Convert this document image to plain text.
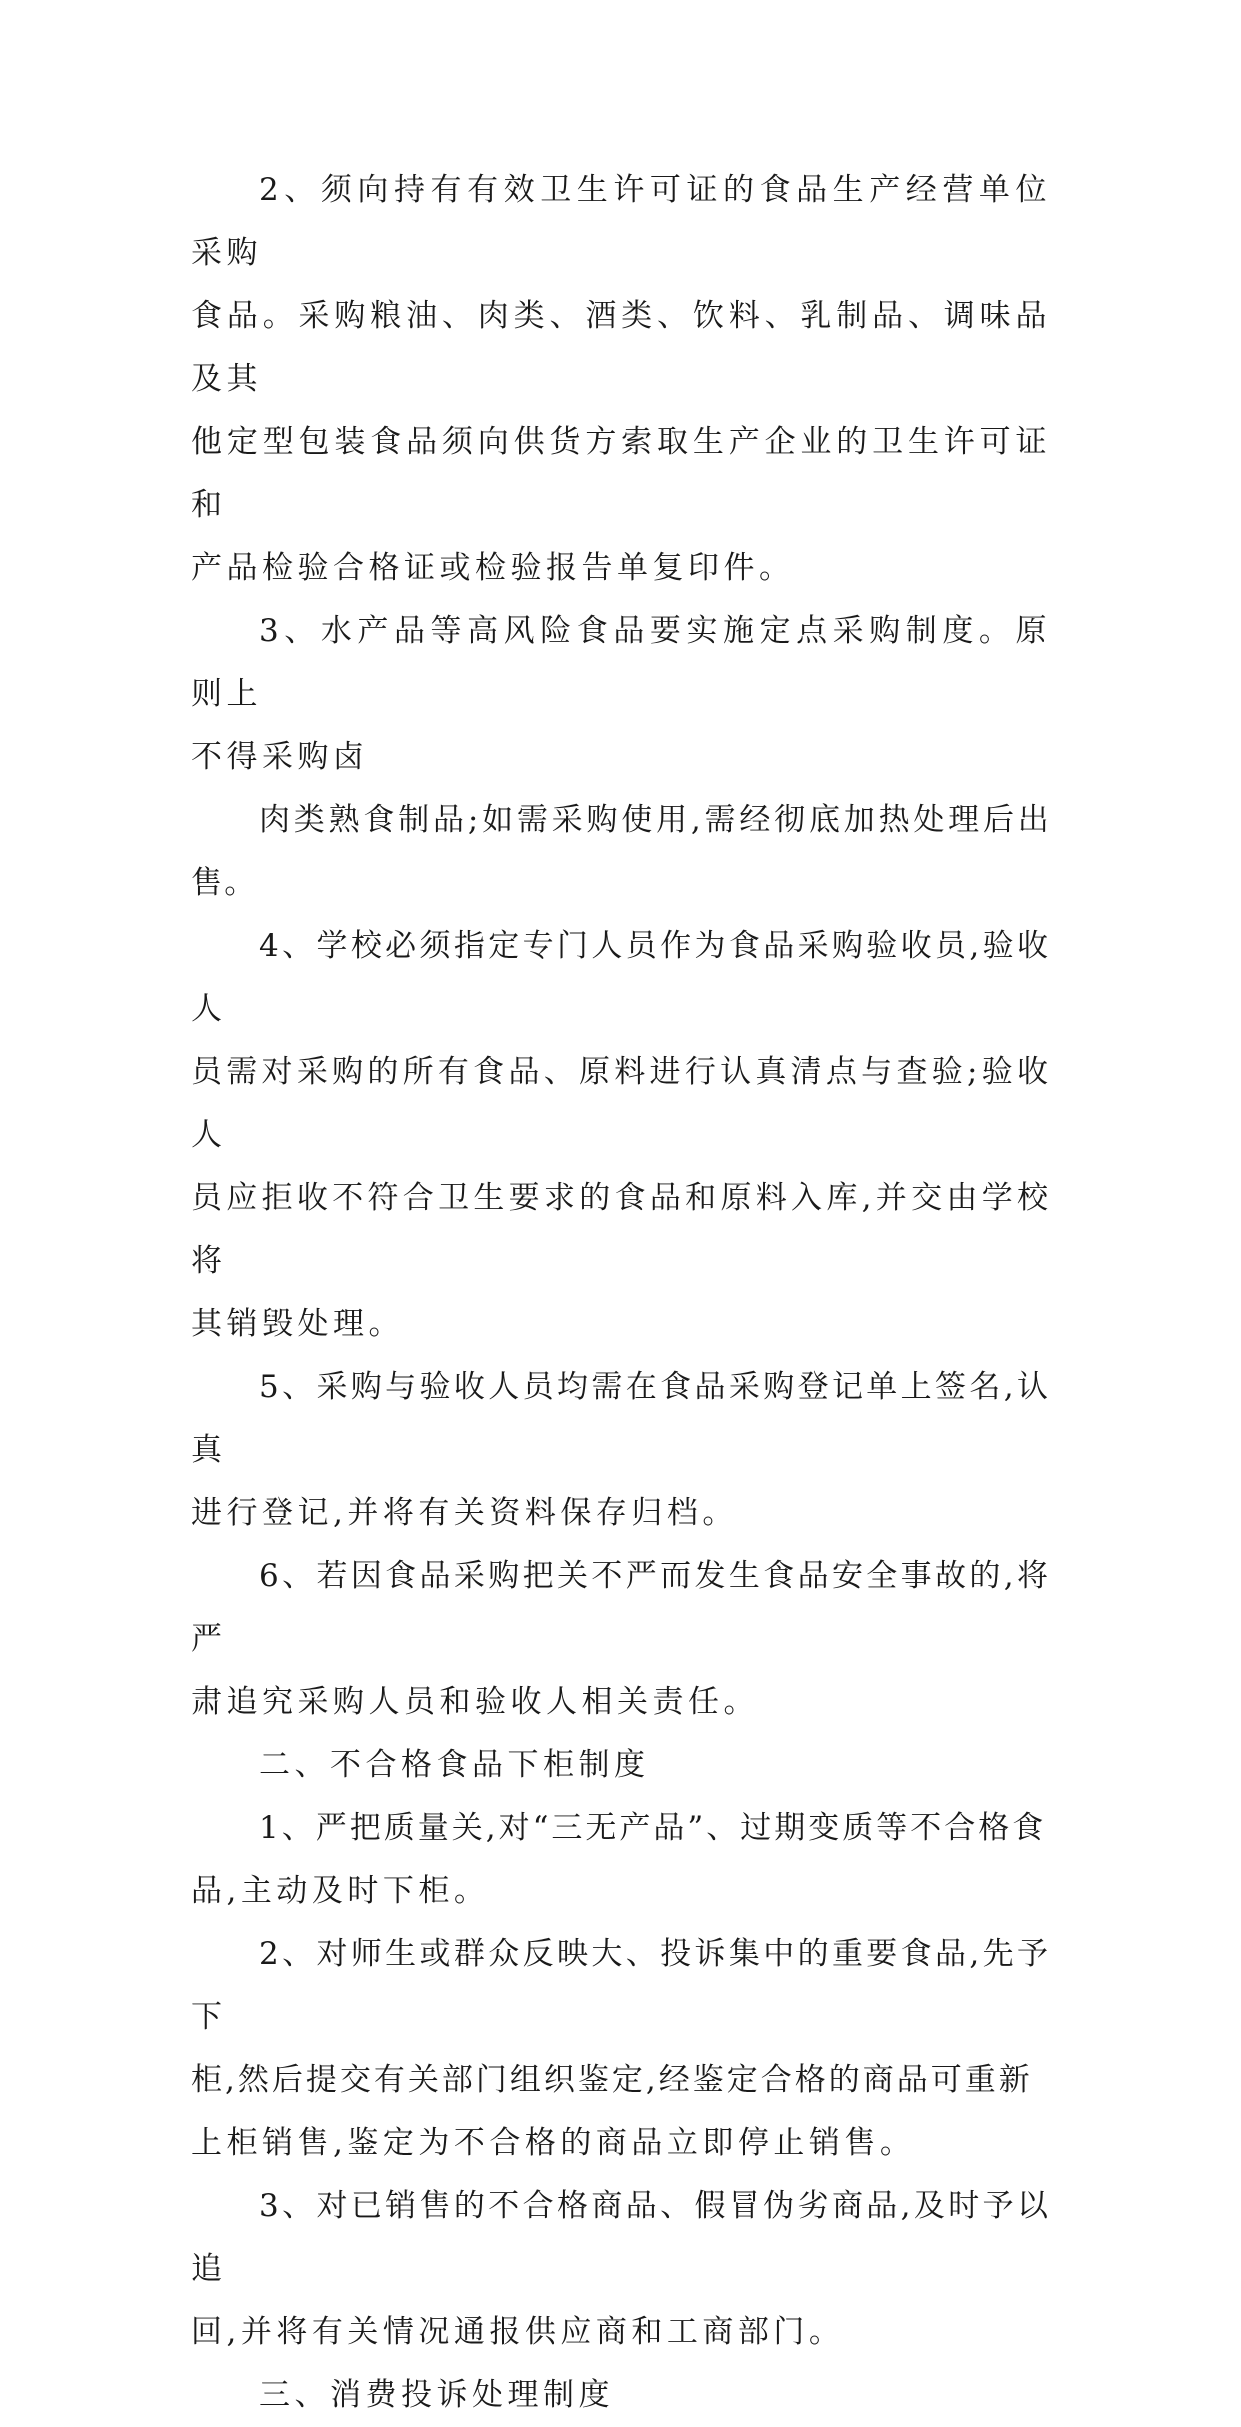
2、须向持有有效卫生许可证的食品生产经营单位采购
食品。采购粮油、肉类、酒类、饮料、乳制品、调味品及其
他定型包装食品须向供货方索取生产企业的卫生许可证和
产品检验合格证或检验报告单复印件。

3、水产品等高风险食品要实施定点采购制度。原则上
不得采购卤

肉类熟食制品;如需采购使用,需经彻底加热处理后出售。

4、学校必须指定专门人员作为食品采购验收员,验收人
员需对采购的所有食品、原料进行认真清点与查验;验收人
员应拒收不符合卫生要求的食品和原料入库,并交由学校将
其销毁处理。

5、采购与验收人员均需在食品采购登记单上签名,认真
进行登记,并将有关资料保存归档。

6、若因食品采购把关不严而发生食品安全事故的,将严
肃追究采购人员和验收人相关责任。

二、不合格食品下柜制度

1、严把质量关,对“三无产品”、过期变质等不合格食
品,主动及时下柜。

2、对师生或群众反映大、投诉集中的重要食品,先予下
柜,然后提交有关部门组织鉴定,经鉴定合格的商品可重新
上柜销售,鉴定为不合格的商品立即停止销售。

3、对已销售的不合格商品、假冒伪劣商品,及时予以追
回,并将有关情况通报供应商和工商部门。

三、消费投诉处理制度
